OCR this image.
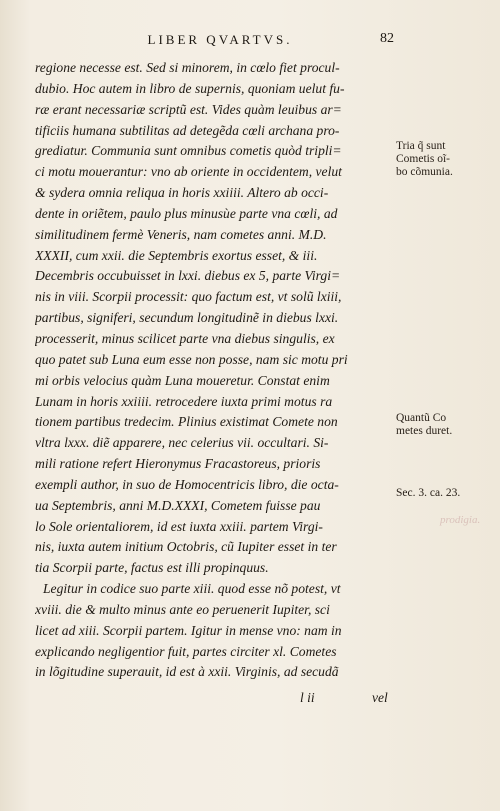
LIBER QVARTVS.	82
regione necesse est. Sed si minorem, in cœlo fiet procul-
dubio. Hoc autem in libro de supernis, quoniam uelut fu-
ræ erant necessariæ scriptũ est. Vides quàm leuibus ar=
tificiis humana subtilitas ad detegẽda cœli archana pro-
grediatur. Communia sunt omnibus cometis quòd tripli=
ci motu mouerantur: vno ab oriente in occidentem, velut
& sydera omnia reliqua in horis xxiiii. Altero ab occi-
dente in oriẽtem, paulo plus minusùe parte vna cœli, ad
similitudinem fermè Veneris, nam cometes anni. M.D.
XXXII, cum xxii. die Septembris exortus esset, & iii.
Decembris occubuisset in lxxi. diebus ex 5, parte Virgi=
nis in viii. Scorpii processit: quo factum est, vt solũ lxiii,
partibus, signiferi, secundum longitudinẽ in diebus lxxi.
processerit, minus scilicet parte vna diebus singulis, ex
quo patet sub Luna eum esse non posse, nam sic motu pri
mi orbis velocius quàm Luna moueretur. Constat enim
Lunam in horis xxiiii. retrocedere iuxta primi motus ra
tionem partibus tredecim. Plinius existimat Comete non
vltra lxxx. diẽ apparere, nec celerius vii. occultari. Si-
mili ratione refert Hieronymus Fracastoreus, prioris
exempli author, in suo de Homocentricis libro, die octa-
ua Septembris, anni M.D.XXXI, Cometem fuisse pau
lo Sole orientaliorem, id est iuxta xxiii. partem Virgi-
nis, iuxta autem initium Octobris, cũ Iupiter esset in ter
tia Scorpii parte, factus est illi propinquus.
Legitur in codice suo parte xiii. quod esse nõ potest, vt
xviii. die & multo minus ante eo peruenerit Iupiter, sci
licet ad xiii. Scorpii partem. Igitur in mense vno: nam in
explicando negligentior fuit, partes circiter xl. Cometes
in lõgitudine superauit, id est à xxii. Virginis, ad secudã
Tria q̃ sunt
Cometis oĩ-
bo cõmunia.
Quantũ Co
metes duret.
Sec. 3. ca. 23.
prodigia.
l ii	vel
